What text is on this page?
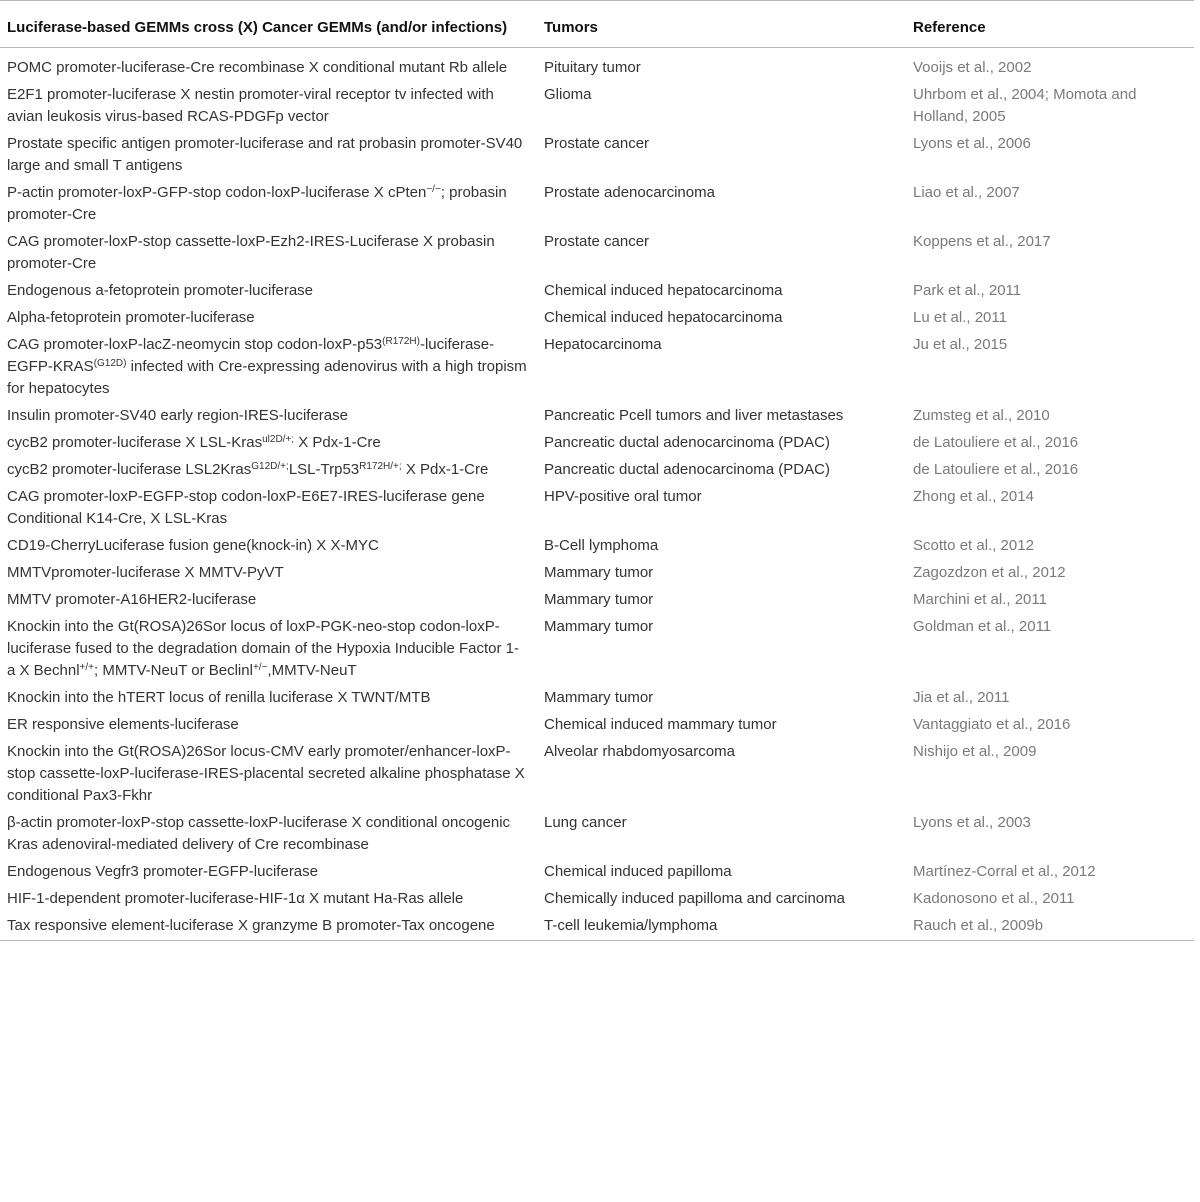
Luciferase-based GEMMs cross (X) Cancer GEMMs (and/or infections)	Tumors	Reference
POMC promoter-luciferase-Cre recombinase X conditional mutant Rb allele	Pituitary tumor	Vooijs et al., 2002
E2F1 promoter-luciferase X nestin promoter-viral receptor tv infected with avian leukosis virus-based RCAS-PDGFp vector	Glioma	Uhrbom et al., 2004; Momota and Holland, 2005
Prostate specific antigen promoter-luciferase and rat probasin promoter-SV40 large and small T antigens	Prostate cancer	Lyons et al., 2006
P-actin promoter-loxP-GFP-stop codon-loxP-luciferase X cPten−/−; probasin promoter-Cre	Prostate adenocarcinoma	Liao et al., 2007
CAG promoter-loxP-stop cassette-loxP-Ezh2-IRES-Luciferase X probasin promoter-Cre	Prostate cancer	Koppens et al., 2017
Endogenous a-fetoprotein promoter-luciferase	Chemical induced hepatocarcinoma	Park et al., 2011
Alpha-fetoprotein promoter-luciferase	Chemical induced hepatocarcinoma	Lu et al., 2011
CAG promoter-loxP-lacZ-neomycin stop codon-$loxP-p53^{(R172H)}-luciferase-EGFP-KRAS^{(G12D)}$ infected with Cre-expressing adenovirus with a high tropism for hepatocytes	Hepatocarcinoma	Ju et al., 2015
Insulin promoter-SV40 early region-IRES-luciferase	Pancreatic Pcell tumors and liver metastases	Zumsteg et al., 2010
cycB2 promoter-luciferase X LSL-Kras$^{ul2D/+;}$ X Pdx-1-Cre	Pancreatic ductal adenocarcinoma (PDAC)	de Latouliere et al., 2016
cycB2 promoter-luciferase $LSL2Kras^{G12D/+;}LSL-Trp53^{R172H/+;}$ X Pdx-1-Cre	Pancreatic ductal adenocarcinoma (PDAC)	de Latouliere et al., 2016
CAG promoter-loxP-EGFP-stop codon-loxP-E6E7-IRES-luciferase gene Conditional K14-Cre, X LSL-Kras	HPV-positive oral tumor	Zhong et al., 2014
CD19-CherryLuciferase fusion gene(knock-in) X X-MYC	B-Cell lymphoma	Scotto et al., 2012
MMTVpromoter-luciferase X MMTV-PyVT	Mammary tumor	Zagozdzon et al., 2012
MMTV promoter-A16HER2-luciferase	Mammary tumor	Marchini et al., 2011
Knockin into the Gt(ROSA)26Sor locus of loxP-PGK-neo-stop codon-loxP-luciferase fused to the degradation domain of the Hypoxia Inducible Factor 1-a X Bechnl+/+; MMTV-NeuT or Beclinl+/−,MMTV-NeuT	Mammary tumor	Goldman et al., 2011
Knockin into the hTERT locus of renilla luciferase X TWNT/MTB	Mammary tumor	Jia et al., 2011
ER responsive elements-luciferase	Chemical induced mammary tumor	Vantaggiato et al., 2016
Knockin into the Gt(ROSA)26Sor locus-CMV early promoter/enhancer-loxP-stop cassette-loxP-luciferase-IRES-placental secreted alkaline phosphatase X conditional Pax3-Fkhr	Alveolar rhabdomyosarcoma	Nishijo et al., 2009
β-actin promoter-loxP-stop cassette-loxP-luciferase X conditional oncogenic Kras adenoviral-mediated delivery of Cre recombinase	Lung cancer	Lyons et al., 2003
Endogenous Vegfr3 promoter-EGFP-luciferase	Chemical induced papilloma	Martínez-Corral et al., 2012
HIF-1-dependent promoter-luciferase-HIF-1α X mutant Ha-Ras allele	Chemically induced papilloma and carcinoma	Kadonosono et al., 2011
Tax responsive element-luciferase X granzyme B promoter-Tax oncogene	T-cell leukemia/lymphoma	Rauch et al., 2009b
